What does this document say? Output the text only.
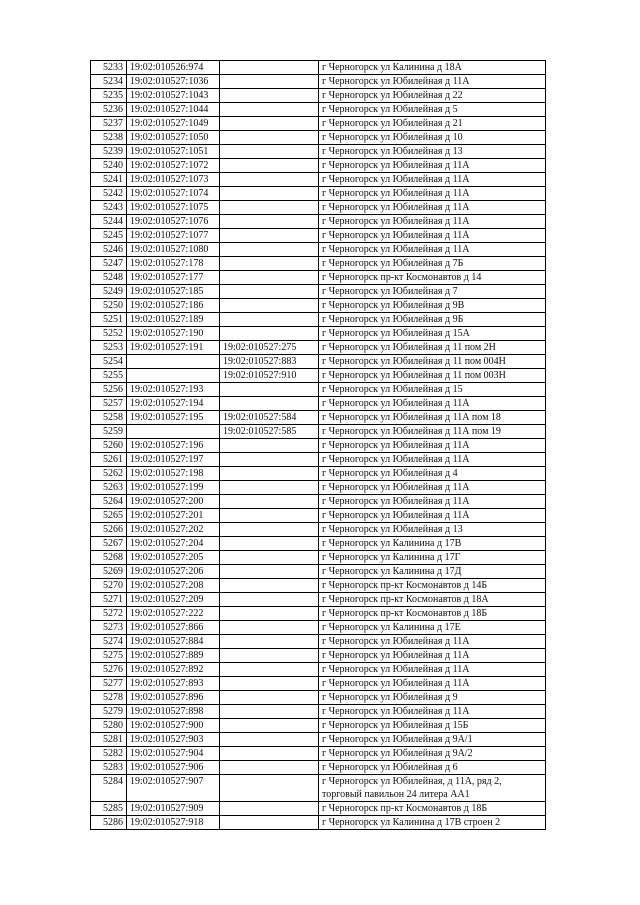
5233	19:02:010526:974		г Черногорск ул Калинина д 18А
5234	19:02:010527:1036		г Черногорск ул Юбилейная д 11А
5235	19:02:010527:1043		г Черногорск ул Юбилейная д 22
5236	19:02:010527:1044		г Черногорск ул Юбилейная д 5
5237	19:02:010527:1049		г Черногорск ул Юбилейная д 21
5238	19:02:010527:1050		г Черногорск ул Юбилейная д 10
5239	19:02:010527:1051		г Черногорск ул Юбилейная д 13
5240	19:02:010527:1072		г Черногорск ул Юбилейная д 11А
5241	19:02:010527:1073		г Черногорск ул Юбилейная д 11А
5242	19:02:010527:1074		г Черногорск ул Юбилейная д 11А
5243	19:02:010527:1075		г Черногорск ул Юбилейная д 11А
5244	19:02:010527:1076		г Черногорск ул Юбилейная д 11А
5245	19:02:010527:1077		г Черногорск ул Юбилейная д 11А
5246	19:02:010527:1080		г Черногорск ул Юбилейная д 11А
5247	19:02:010527:178		г Черногорск ул Юбилейная д 7Б
5248	19:02:010527:177		г Черногорск пр-кт Космонавтов д 14
5249	19:02:010527:185		г Черногорск ул Юбилейная д 7
5250	19:02:010527:186		г Черногорск ул Юбилейная д 9В
5251	19:02:010527:189		г Черногорск ул Юбилейная д 9Б
5252	19:02:010527:190		г Черногорск ул Юбилейная д 15А
5253	19:02:010527:191	19:02:010527:275	г Черногорск ул Юбилейная д 11 пом 2Н
5254		19:02:010527:883	г Черногорск ул Юбилейная д 11 пом 004Н
5255		19:02:010527:910	г Черногорск ул Юбилейная д 11 пом 003Н
5256	19:02:010527:193		г Черногорск ул Юбилейная д 15
5257	19:02:010527:194		г Черногорск ул Юбилейная д 11А
5258	19:02:010527:195	19:02:010527:584	г Черногорск ул Юбилейная д 11А пом 18
5259		19:02:010527:585	г Черногорск ул Юбилейная д 11А пом 19
5260	19:02:010527:196		г Черногорск ул Юбилейная д 11А
5261	19:02:010527:197		г Черногорск ул Юбилейная д 11А
5262	19:02:010527:198		г Черногорск ул Юбилейная д 4
5263	19:02:010527:199		г Черногорск ул Юбилейная д 11А
5264	19:02:010527:200		г Черногорск ул Юбилейная д 11А
5265	19:02:010527:201		г Черногорск ул Юбилейная д 11А
5266	19:02:010527:202		г Черногорск ул Юбилейная д 13
5267	19:02:010527:204		г Черногорск ул Калинина д 17В
5268	19:02:010527:205		г Черногорск ул Калинина д 17Г
5269	19:02:010527:206		г Черногорск ул Калинина д 17Д
5270	19:02:010527:208		г Черногорск пр-кт Космонавтов д 14Б
5271	19:02:010527:209		г Черногорск пр-кт Космонавтов д 18А
5272	19:02:010527:222		г Черногорск пр-кт Космонавтов д 18Б
5273	19:02:010527:866		г Черногорск ул Калинина д 17Е
5274	19:02:010527:884		г Черногорск ул Юбилейная д 11А
5275	19:02:010527:889		г Черногорск ул Юбилейная д 11А
5276	19:02:010527:892		г Черногорск ул Юбилейная д 11А
5277	19:02:010527:893		г Черногорск ул Юбилейная д 11А
5278	19:02:010527:896		г Черногорск ул Юбилейная д 9
5279	19:02:010527:898		г Черногорск ул Юбилейная д 11А
5280	19:02:010527:900		г Черногорск ул Юбилейная д 15Б
5281	19:02:010527:903		г Черногорск ул Юбилейная д 9А/1
5282	19:02:010527:904		г Черногорск ул Юбилейная д 9А/2
5283	19:02:010527:906		г Черногорск ул Юбилейная д 6
5284	19:02:010527:907		г Черногорск ул Юбилейная, д 11А, ряд 2, торговый павильон 24 литера АА1
5285	19:02:010527:909		г Черногорск пр-кт Космонавтов д 18Б
5286	19:02:010527:918		г Черногорск ул Калинина д 17В строен 2
